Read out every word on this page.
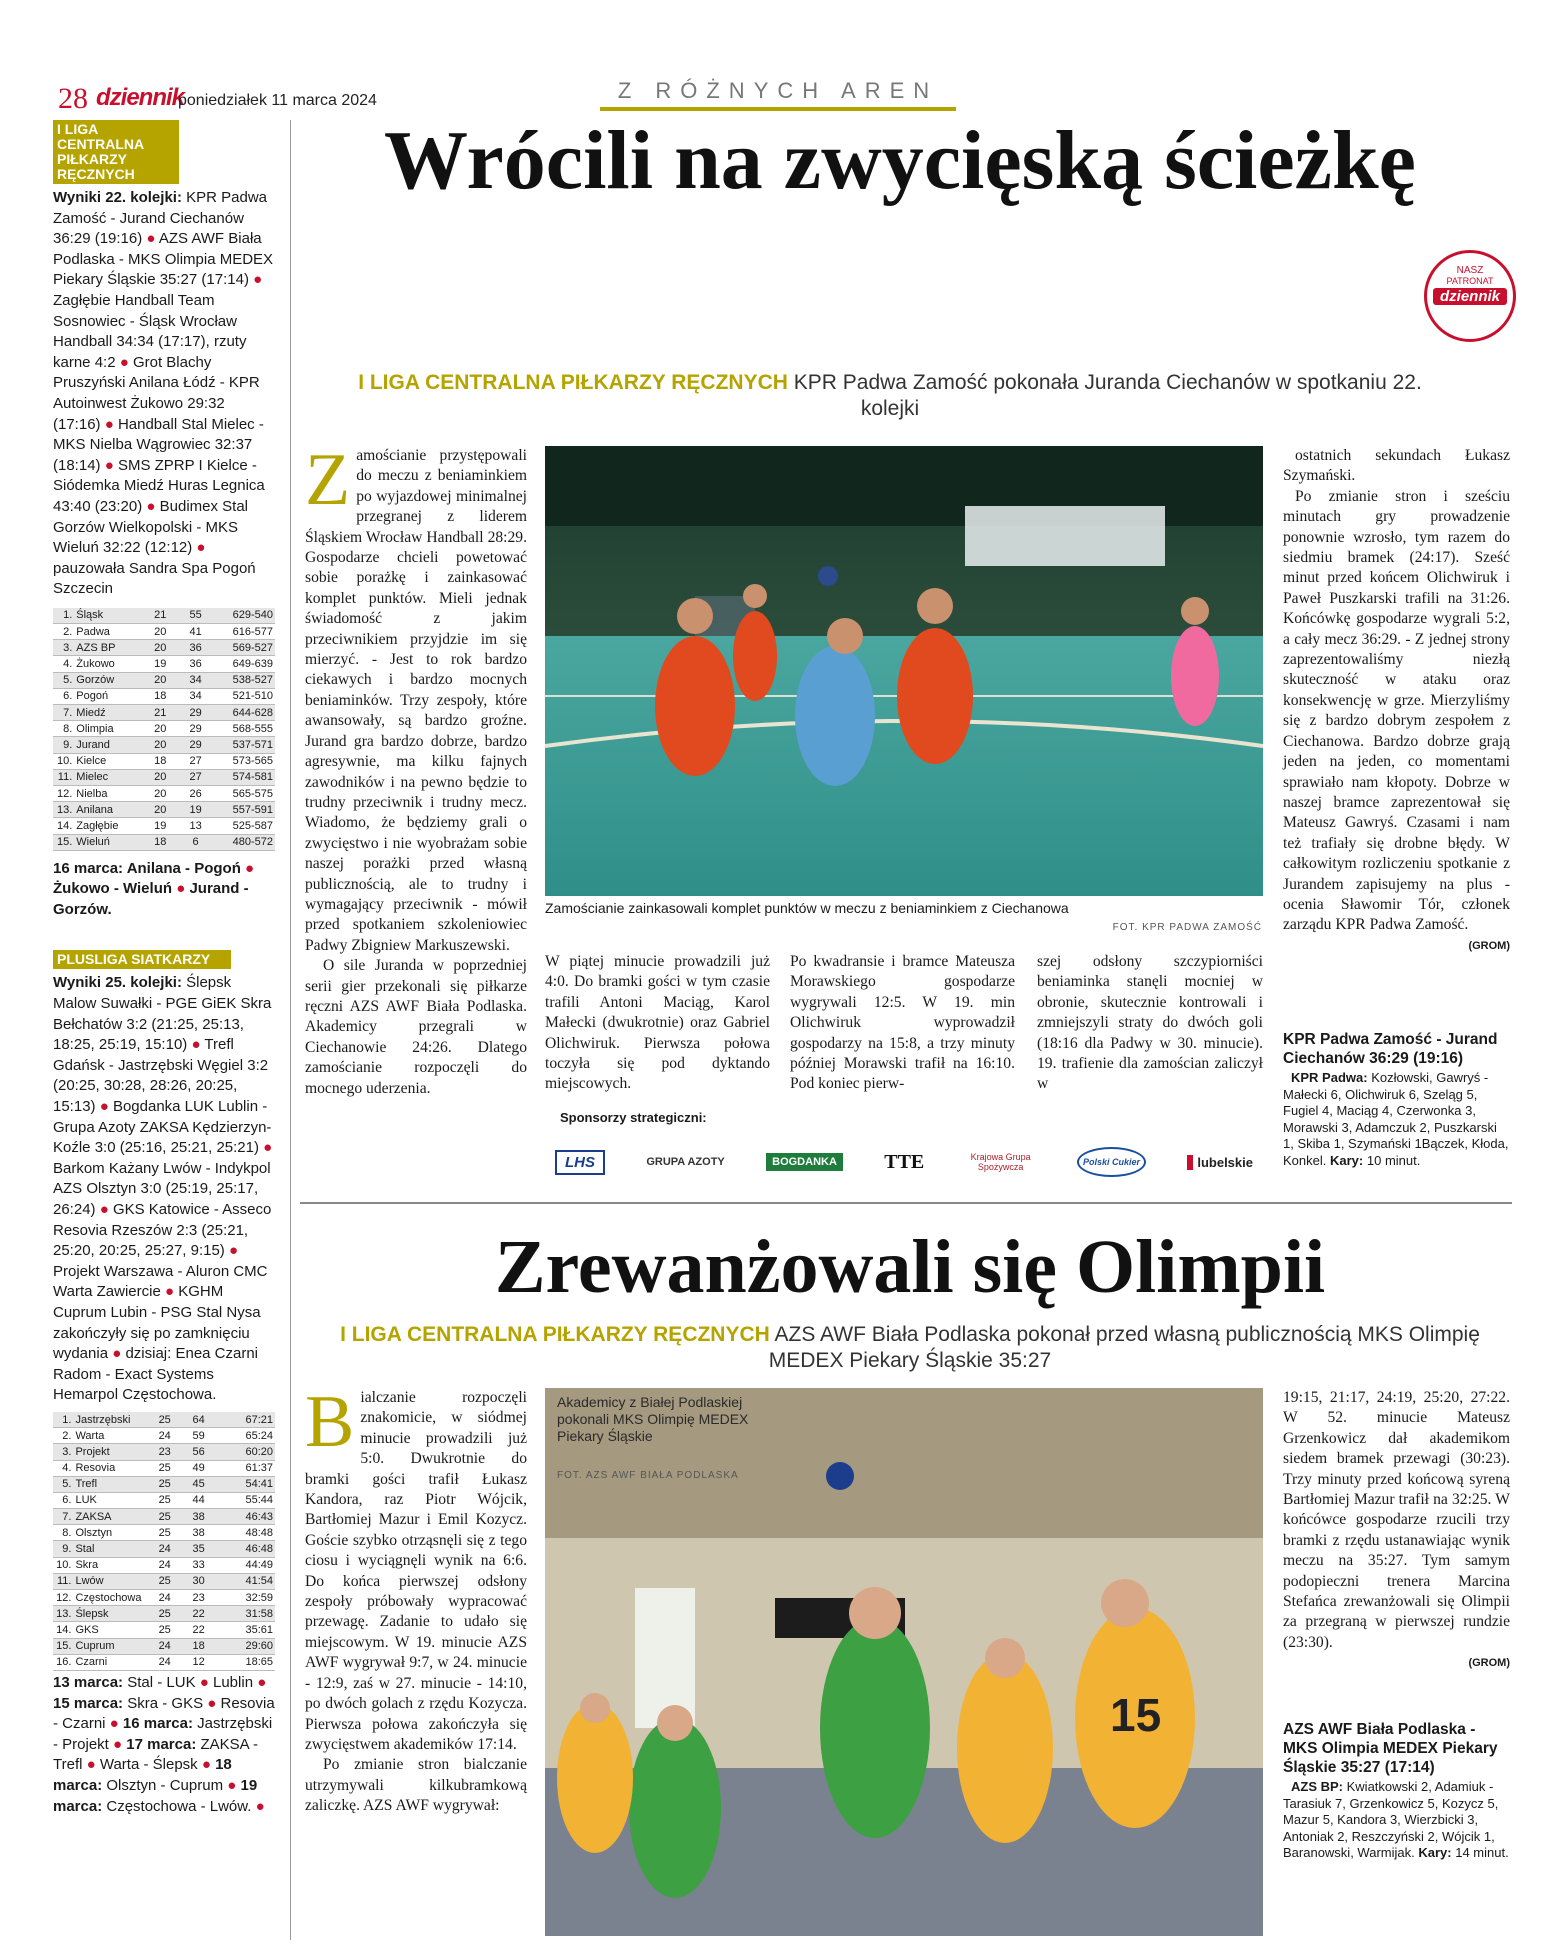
28 dziennik
poniedziałek 11 marca 2024	Z RÓŻNYCH AREN
I LIGA CENTRALNA PIŁKARZY RĘCZNYCH
Wyniki 22. kolejki: KPR Padwa Zamość - Jurand Ciechanów 36:29 (19:16) ● AZS AWF Biała Podlaska - MKS Olimpia MEDEX Piekary Śląskie 35:27 (17:14) ● Zagłębie Handball Team Sosnowiec - Śląsk Wrocław Handball 34:34 (17:17), rzuty karne 4:2 ● Grot Blachy Pruszyński Anilana Łódź - KPR Autoinwest Żukowo 29:32 (17:16) ● Handball Stal Mielec - MKS Nielba Wągrowiec 32:37 (18:14) ● SMS ZPRP I Kielce - Siódemka Miedź Huras Legnica 43:40 (23:20) ● Budimex Stal Gorzów Wielkopolski - MKS Wieluń 32:22 (12:12) ● pauzowała Sandra Spa Pogoń Szczecin
1.	Śląsk	21	55	629-540
2.	Padwa	20	41	616-577
3.	AZS BP	20	36	569-527
4.	Żukowo	19	36	649-639
5.	Gorzów	20	34	538-527
6.	Pogoń	18	34	521-510
7.	Miedź	21	29	644-628
8.	Olimpia	20	29	568-555
9.	Jurand	20	29	537-571
10.	Kielce	18	27	573-565
11.	Mielec	20	27	574-581
12.	Nielba	20	26	565-575
13.	Anilana	20	19	557-591
14.	Zagłębie	19	13	525-587
15.	Wieluń	18	6	480-572
16 marca: Anilana - Pogoń ● Żukowo - Wieluń ● Jurand - Gorzów.
PLUSLIGA SIATKARZY
Wyniki 25. kolejki: Ślepsk Malow Suwałki - PGE GiEK Skra Bełchatów 3:2 (21:25, 25:13, 18:25, 25:19, 15:10) ● Trefl Gdańsk - Jastrzębski Węgiel 3:2 (20:25, 30:28, 28:26, 20:25, 15:13) ● Bogdanka LUK Lublin - Grupa Azoty ZAKSA Kędzierzyn-Koźle 3:0 (25:16, 25:21, 25:21) ● Barkom Każany Lwów - Indykpol AZS Olsztyn 3:0 (25:19, 25:17, 26:24) ● GKS Katowice - Asseco Resovia Rzeszów 2:3 (25:21, 25:20, 20:25, 25:27, 9:15) ● Projekt Warszawa - Aluron CMC Warta Zawiercie ● KGHM Cuprum Lubin - PSG Stal Nysa zakończyły się po zamknięciu wydania ● dzisiaj: Enea Czarni Radom - Exact Systems Hemarpol Częstochowa.
1.	Jastrzębski	25	64	67:21
2.	Warta	24	59	65:24
3.	Projekt	23	56	60:20
4.	Resovia	25	49	61:37
5.	Trefl	25	45	54:41
6.	LUK	25	44	55:44
7.	ZAKSA	25	38	46:43
8.	Olsztyn	25	38	48:48
9.	Stal	24	35	46:48
10.	Skra	24	33	44:49
11.	Lwów	25	30	41:54
12.	Częstochowa	24	23	32:59
13.	Ślepsk	25	22	31:58
14.	GKS	25	22	35:61
15.	Cuprum	24	18	29:60
16.	Czarni	24	12	18:65
13 marca: Stal - LUK ● Lublin ● 15 marca: Skra - GKS ● Resovia - Czarni ● 16 marca: Jastrzębski - Projekt ● 17 marca: ZAKSA - Trefl ● Warta - Ślepsk ● 18 marca: Olsztyn - Cuprum ● 19 marca: Częstochowa - Lwów. ●
Wrócili na zwycięską ścieżkę
NASZ
PATRONAT
dziennik
I LIGA CENTRALNA PIŁKARZY RĘCZNYCH KPR Padwa Zamość pokonała Juranda Ciechanów w spotkaniu 22. kolejki
Zamościanie przystępowali do meczu z beniaminkiem po wyjazdowej minimalnej przegranej z liderem Śląskiem Wrocław Handball 28:29. Gospodarze chcieli powetować sobie porażkę i zainkasować komplet punktów. Mieli jednak świadomość z jakim przeciwnikiem przyjdzie im się mierzyć. - Jest to rok bardzo ciekawych i bardzo mocnych beniaminków. Trzy zespoły, które awansowały, są bardzo groźne. Jurand gra bardzo dobrze, bardzo agresywnie, ma kilku fajnych zawodników i na pewno będzie to trudny przeciwnik i trudny mecz. Wiadomo, że będziemy grali o zwycięstwo i nie wyobrażam sobie naszej porażki przed własną publicznością, ale to trudny i wymagający przeciwnik - mówił przed spotkaniem szkoleniowiec Padwy Zbigniew Markuszewski.
O sile Juranda w poprzedniej serii gier przekonali się piłkarze ręczni AZS AWF Biała Podlaska. Akademicy przegrali w Ciechanowie 24:26. Dlatego zamościanie rozpoczęli do mocnego uderzenia.
Zamościanie zainkasowali komplet punktów w meczu z beniaminkiem z Ciechanowa
FOT. KPR PADWA ZAMOŚĆ
W piątej minucie prowadzili już 4:0. Do bramki gości w tym czasie trafili Antoni Maciąg, Karol Małecki (dwukrotnie) oraz Gabriel Olichwiruk. Pierwsza połowa toczyła się pod dyktando miejscowych.
Po kwadransie i bramce Mateusza Morawskiego gospodarze wygrywali 12:5. W 19. min Olichwiruk wyprowadził gospodarzy na 15:8, a trzy minuty później Morawski trafił na 16:10. Pod koniec pierw-
szej odsłony szczypiorniści beniaminka stanęli mocniej w obronie, skutecznie kontrowali i zmniejszyli straty do dwóch goli (18:16 dla Padwy w 30. minucie). 19. trafienie dla zamościan zaliczył w
Sponsorzy strategiczni:
LHS	GRUPA AZOTY	BOGDANKA	TTE	Krajowa Grupa Spożywcza	Polski Cukier	lubelskie
ostatnich sekundach Łukasz Szymański.
Po zmianie stron i sześciu minutach gry prowadzenie ponownie wzrosło, tym razem do siedmiu bramek (24:17). Sześć minut przed końcem Olichwiruk i Paweł Puszkarski trafili na 31:26. Końcówkę gospodarze wygrali 5:2, a cały mecz 36:29. - Z jednej strony zaprezentowaliśmy niezłą skuteczność w ataku oraz konsekwencję w grze. Mierzyliśmy się z bardzo dobrym zespołem z Ciechanowa. Bardzo dobrze grają jeden na jeden, co momentami sprawiało nam kłopoty. Dobrze w naszej bramce zaprezentował się Mateusz Gawryś. Czasami i nam też trafiały się drobne błędy. W całkowitym rozliczeniu spotkanie z Jurandem zapisujemy na plus - ocenia Sławomir Tór, członek zarządu KPR Padwa Zamość.
(GROM)
KPR Padwa Zamość - Jurand Ciechanów 36:29 (19:16)
KPR Padwa: Kozłowski, Gawryś - Małecki 6, Olichwiruk 6, Szeląg 5, Fugiel 4, Maciąg 4, Czerwonka 3, Morawski 3, Adamczuk 2, Puszkarski 1, Skiba 1, Szymański 1Bączek, Kłoda, Konkel. Kary: 10 minut.
Zrewanżowali się Olimpii
I LIGA CENTRALNA PIŁKARZY RĘCZNYCH AZS AWF Biała Podlaska pokonał przed własną publicznością MKS Olimpię MEDEX Piekary Śląskie 35:27
Bialczanie rozpoczęli znakomicie, w siódmej minucie prowadzili już 5:0. Dwukrotnie do bramki gości trafił Łukasz Kandora, raz Piotr Wójcik, Bartłomiej Mazur i Emil Kozycz. Goście szybko otrząsnęli się z tego ciosu i wyciągnęli wynik na 6:6. Do końca pierwszej odsłony zespoły próbowały wypracować przewagę. Zadanie to udało się miejscowym. W 19. minucie AZS AWF wygrywał 9:7, w 24. minucie - 12:9, zaś w 27. minucie - 14:10, po dwóch golach z rzędu Kozycza. Pierwsza połowa zakończyła się zwycięstwem akademików 17:14.
Po zmianie stron bialczanie utrzymywali kilkubramkową zaliczkę. AZS AWF wygrywał:
15
Akademicy z Białej Podlaskiej pokonali MKS Olimpię MEDEX Piekary Śląskie
FOT. AZS AWF BIAŁA PODLASKA
19:15, 21:17, 24:19, 25:20, 27:22. W 52. minucie Mateusz Grzenkowicz dał akademikom siedem bramek przewagi (30:23). Trzy minuty przed końcową syreną Bartłomiej Mazur trafił na 32:25. W końcówce gospodarze rzucili trzy bramki z rzędu ustanawiając wynik meczu na 35:27. Tym samym podopieczni trenera Marcina Stefańca zrewanżowali się Olimpii za przegraną w pierwszej rundzie (23:30).
(GROM)
AZS AWF Biała Podlaska - MKS Olimpia MEDEX Piekary Śląskie 35:27 (17:14)
AZS BP: Kwiatkowski 2, Adamiuk - Tarasiuk 7, Grzenkowicz 5, Kozycz 5, Mazur 5, Kandora 3, Wierzbicki 3, Antoniak 2, Reszczyński 2, Wójcik 1, Baranowski, Warmijak. Kary: 14 minut.
